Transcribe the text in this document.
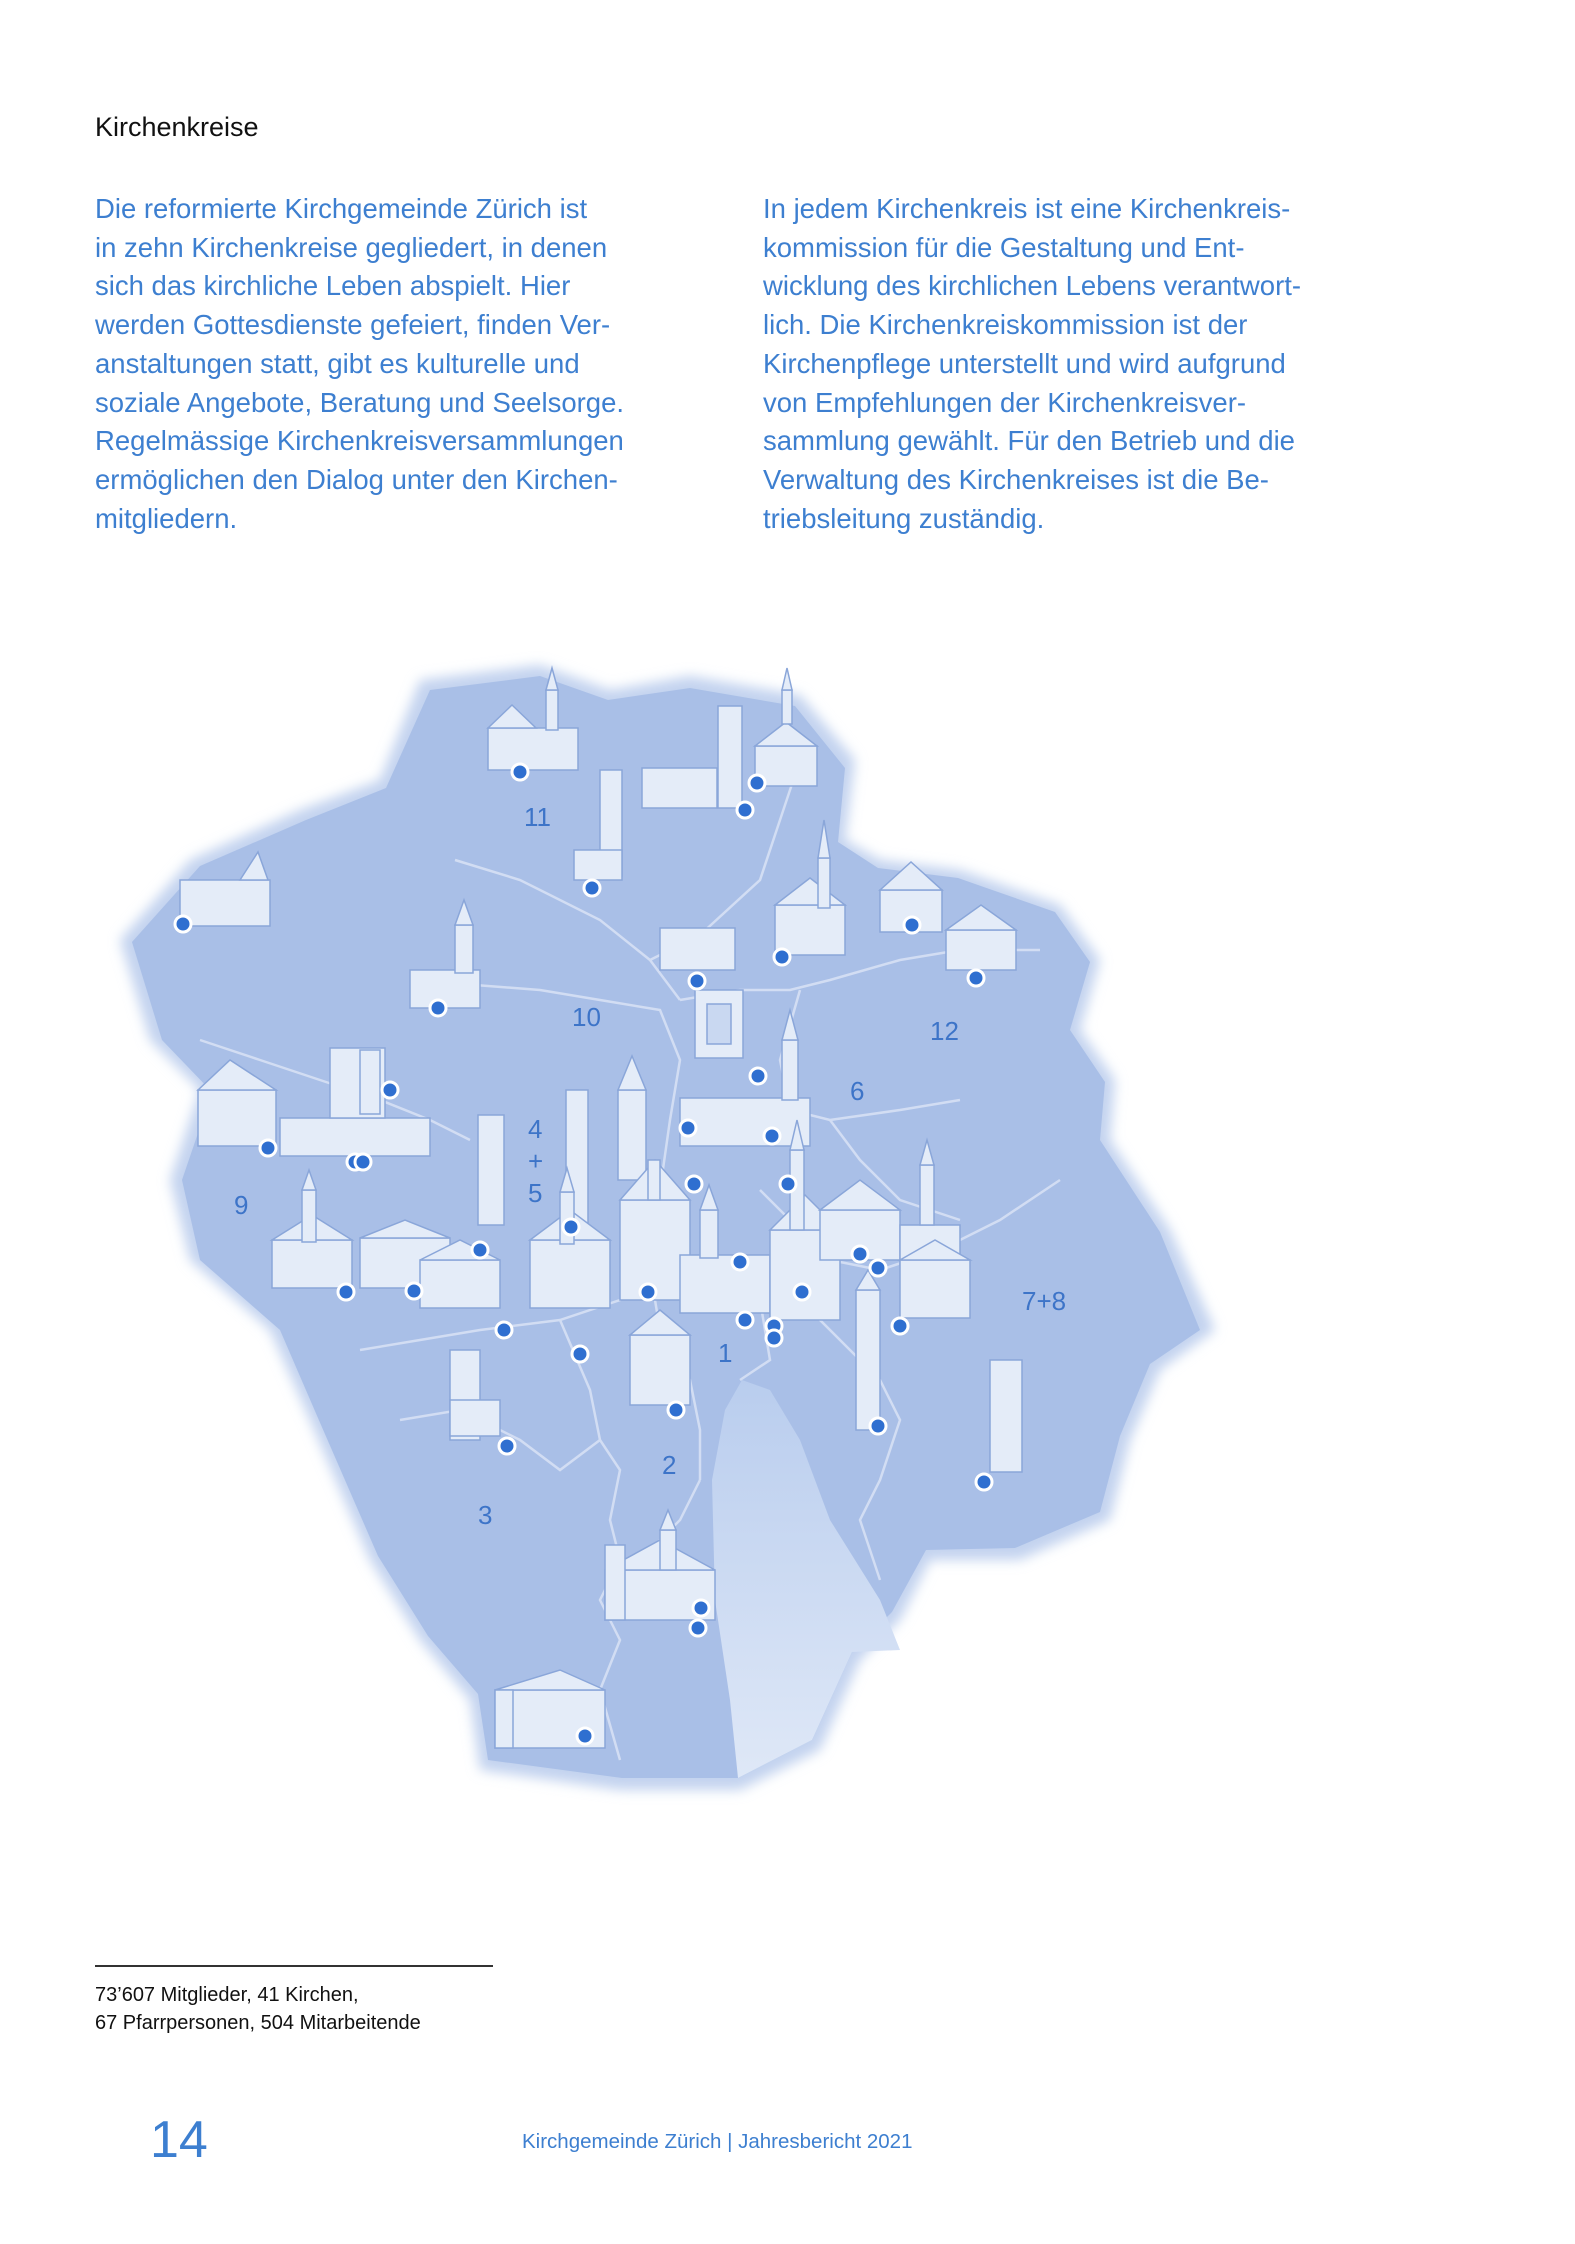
Kirchenkreise

Die reformierte Kirchgemeinde Zürich ist
in zehn Kirchenkreise gegliedert, in denen
sich das kirchliche Leben abspielt. Hier
werden Gottesdienste gefeiert, finden Ver-
anstaltungen statt, gibt es kulturelle und
soziale Angebote, Beratung und Seelsorge.
Regelmässige Kirchenkreisversammlungen
ermöglichen den Dialog unter den Kirchen-
mitgliedern.

In jedem Kirchenkreis ist eine Kirchenkreis-
kommission für die Gestaltung und Ent-
wicklung des kirchlichen Lebens verantwort-
lich. Die Kirchenkreiskommission ist der
Kirchenpflege unterstellt und wird aufgrund
von Empfehlungen der Kirchenkreisver-
sammlung gewählt. Für den Betrieb und die
Verwaltung des Kirchenkreises ist die Be-
triebsleitung zuständig.

11
10	12
6
4
+
5
9
7+8
1
2
3
73’607 Mitglieder, 41 Kirchen,
67 Pfarrpersonen, 504 Mitarbeitende
14	Kirchgemeinde Zürich | Jahresbericht 2021
